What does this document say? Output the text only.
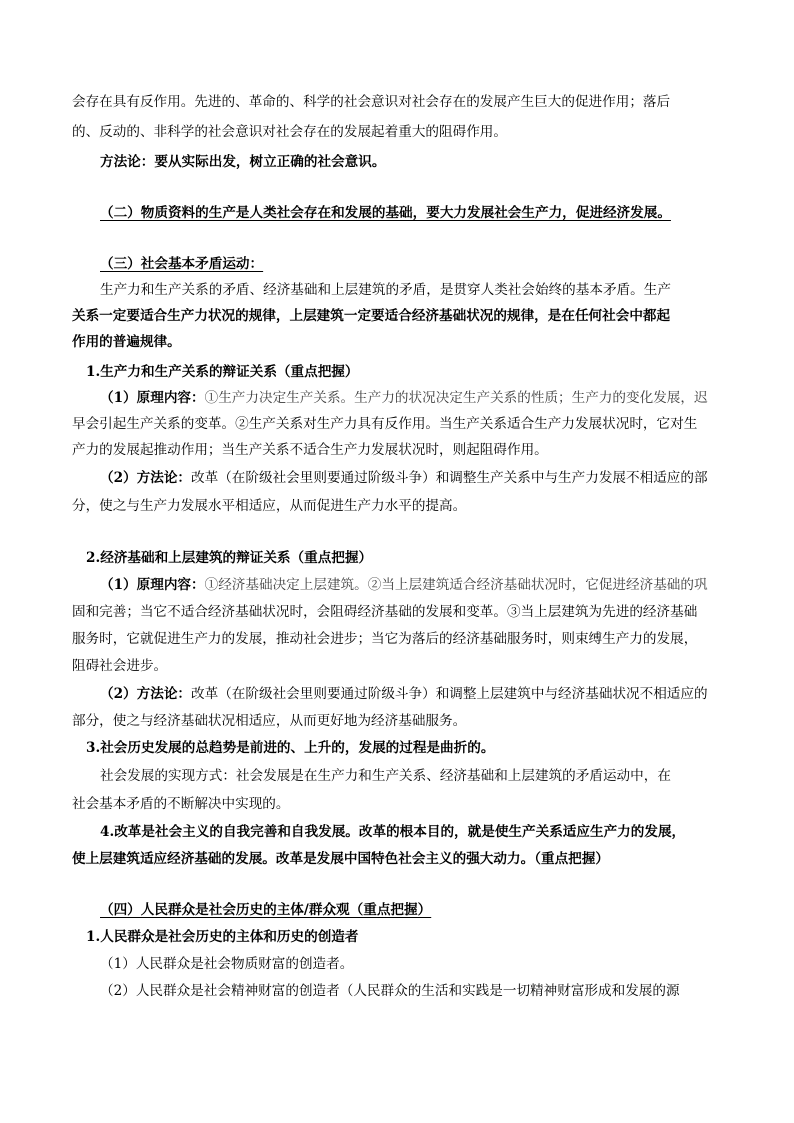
会存在具有反作用。先进的、革命的、科学的社会意识对社会存在的发展产生巨大的促进作用；落后
的、反动的、非科学的社会意识对社会存在的发展起着重大的阻碍作用。
方法论：要从实际出发，树立正确的社会意识。
（二）物质资料的生产是人类社会存在和发展的基础，要大力发展社会生产力，促进经济发展。
（三）社会基本矛盾运动：
生产力和生产关系的矛盾、经济基础和上层建筑的矛盾，是贯穿人类社会始终的基本矛盾。生产
关系一定要适合生产力状况的规律，上层建筑一定要适合经济基础状况的规律，是在任何社会中都起
作用的普遍规律。
1.生产力和生产关系的辩证关系（重点把握）
（1）原理内容：①生产力决定生产关系。生产力的状况决定生产关系的性质；生产力的变化发展，迟
早会引起生产关系的变革。②生产关系对生产力具有反作用。当生产关系适合生产力发展状况时，它对生
产力的发展起推动作用；当生产关系不适合生产力发展状况时，则起阻碍作用。
（2）方法论：改革（在阶级社会里则要通过阶级斗争）和调整生产关系中与生产力发展不相适应的部
分，使之与生产力发展水平相适应，从而促进生产力水平的提高。
2.经济基础和上层建筑的辩证关系（重点把握）
（1）原理内容：①经济基础决定上层建筑。②当上层建筑适合经济基础状况时，它促进经济基础的巩
固和完善；当它不适合经济基础状况时，会阻碍经济基础的发展和变革。③当上层建筑为先进的经济基础
服务时，它就促进生产力的发展，推动社会进步；当它为落后的经济基础服务时，则束缚生产力的发展，
阻碍社会进步。
（2）方法论：改革（在阶级社会里则要通过阶级斗争）和调整上层建筑中与经济基础状况不相适应的
部分，使之与经济基础状况相适应，从而更好地为经济基础服务。
3.社会历史发展的总趋势是前进的、上升的，发展的过程是曲折的。
社会发展的实现方式：社会发展是在生产力和生产关系、经济基础和上层建筑的矛盾运动中，在
社会基本矛盾的不断解决中实现的。
4.改革是社会主义的自我完善和自我发展。改革的根本目的，就是使生产关系适应生产力的发展，
使上层建筑适应经济基础的发展。改革是发展中国特色社会主义的强大动力。（重点把握）
（四）人民群众是社会历史的主体/群众观（重点把握）
1.人民群众是社会历史的主体和历史的创造者
（1）人民群众是社会物质财富的创造者。
（2）人民群众是社会精神财富的创造者（人民群众的生活和实践是一切精神财富形成和发展的源
